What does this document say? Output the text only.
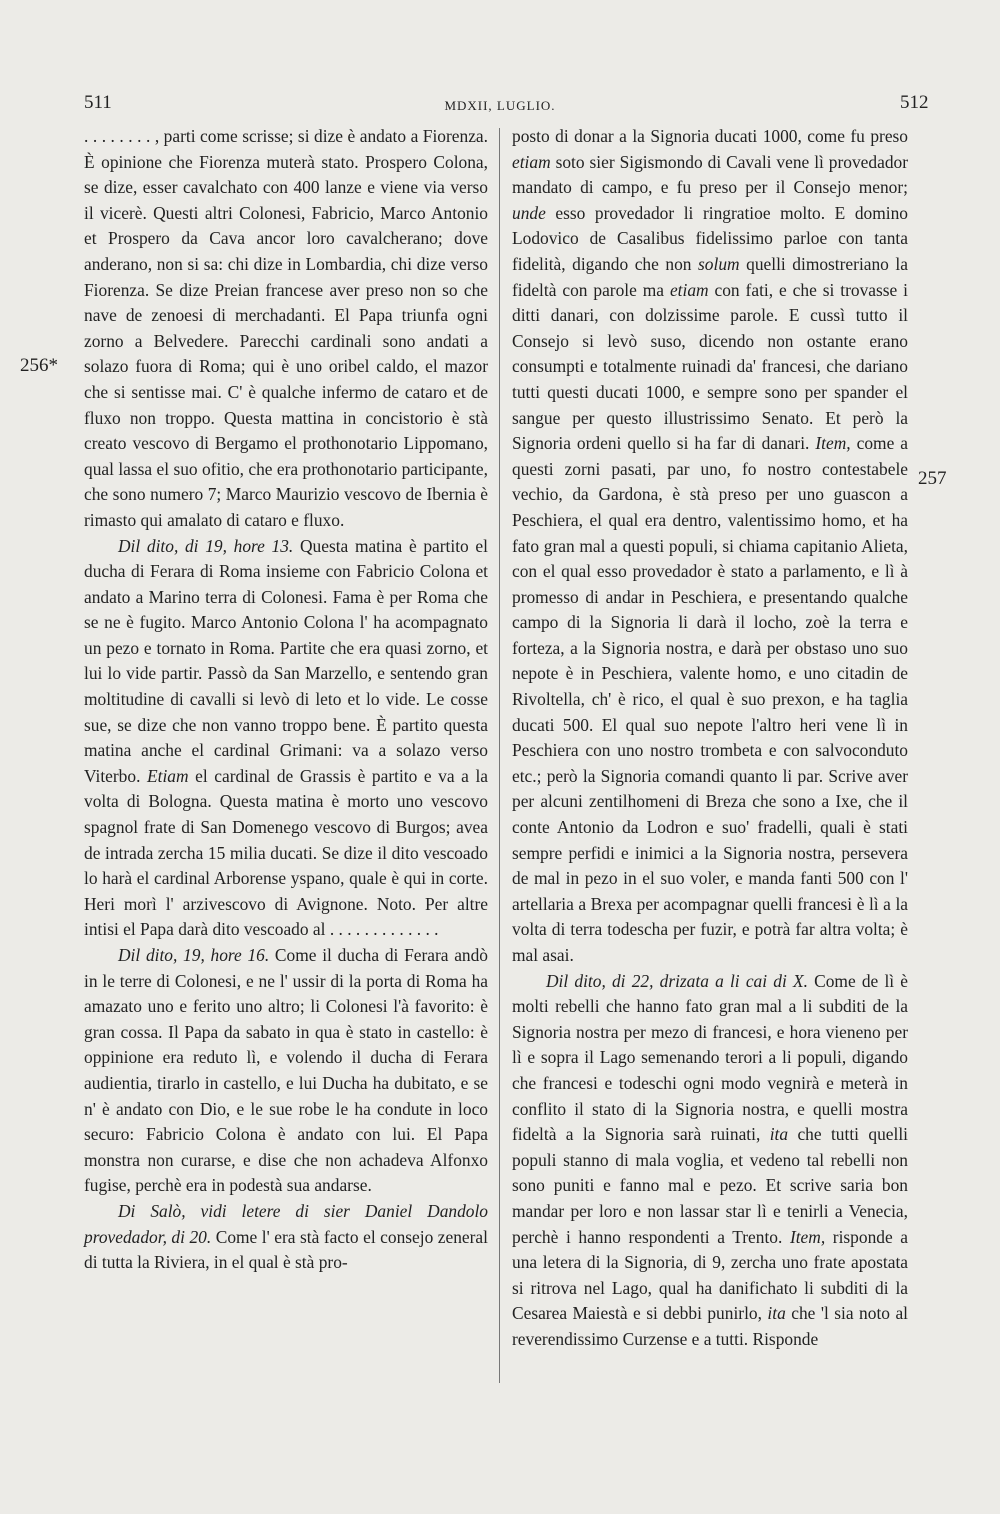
511	MDXII, LUGLIO.	512
256*
257

. . . . . . . . , parti come scrisse; si dize è andato a Fiorenza. È opinione che Fiorenza muterà stato. Prospero Colona, se dize, esser cavalchato con 400 lanze e viene via verso il vicerè. Questi altri Colonesi, Fabricio, Marco Antonio et Prospero da Cava ancor loro cavalcherano; dove anderano, non si sa: chi dize in Lombardia, chi dize verso Fiorenza. Se dize Preian francese aver preso non so che nave de zenoesi di merchadanti. El Papa triunfa ogni zorno a Belvedere. Parecchi cardinali sono andati a solazo fuora di Roma; qui è uno oribel caldo, el mazor che si sentisse mai. C' è qualche infermo de cataro et de fluxo non troppo. Questa mattina in concistorio è stà creato vescovo di Bergamo el prothonotario Lippomano, qual lassa el suo ofitio, che era prothonotario participante, che sono numero 7; Marco Maurizio vescovo de Ibernia è rimasto qui amalato di cataro e fluxo.

Dil dito, di 19, hore 13. Questa matina è partito el ducha di Ferara di Roma insieme con Fabricio Colona et andato a Marino terra di Colonesi. Fama è per Roma che se ne è fugito. Marco Antonio Colona l' ha acompagnato un pezo e tornato in Roma. Partite che era quasi zorno, et lui lo vide partir. Passò da San Marzello, e sentendo gran moltitudine di cavalli si levò di leto et lo vide. Le cosse sue, se dize che non vanno troppo bene. È partito questa matina anche el cardinal Grimani: va a solazo verso Viterbo. Etiam el cardinal de Grassis è partito e va a la volta di Bologna. Questa matina è morto uno vescovo spagnol frate di San Domenego vescovo di Burgos; avea de intrada zercha 15 milia ducati. Se dize il dito vescoado lo harà el cardinal Arborense yspano, quale è qui in corte. Heri morì l' arzivescovo di Avignone. Noto. Per altre intisi el Papa darà dito vescoado al . . . . . . . . . . . . .

Dil dito, 19, hore 16. Come il ducha di Ferara andò in le terre di Colonesi, e ne l' ussir di la porta di Roma ha amazato uno e ferito uno altro; li Colonesi l'à favorito: è gran cossa. Il Papa da sabato in qua è stato in castello: è oppinione era reduto lì, e volendo il ducha di Ferara audientia, tirarlo in castello, e lui Ducha ha dubitato, e se n' è andato con Dio, e le sue robe le ha condute in loco securo: Fabricio Colona è andato con lui. El Papa monstra non curarse, e dise che non achadeva Alfonxo fugise, perchè era in podestà sua andarse.

Di Salò, vidi letere di sier Daniel Dandolo provedador, di 20. Come l' era stà facto el consejo zeneral di tutta la Riviera, in el qual è stà pro-

posto di donar a la Signoria ducati 1000, come fu preso etiam soto sier Sigismondo di Cavali vene lì provedador mandato di campo, e fu preso per il Consejo menor; unde esso provedador li ringratioe molto. E domino Lodovico de Casalibus fidelissimo parloe con tanta fidelità, digando che non solum quelli dimostreriano la fideltà con parole ma etiam con fati, e che si trovasse i ditti danari, con dolzissime parole. E cussì tutto il Consejo si levò suso, dicendo non ostante erano consumpti e totalmente ruinadi da' francesi, che dariano tutti questi ducati 1000, e sempre sono per spander el sangue per questo illustrissimo Senato. Et però la Signoria ordeni quello si ha far di danari. Item, come a questi zorni pasati, par uno, fo nostro contestabele vechio, da Gardona, è stà preso per uno guascon a Peschiera, el qual era dentro, valentissimo homo, et ha fato gran mal a questi populi, si chiama capitanio Alieta, con el qual esso provedador è stato a parlamento, e lì à promesso di andar in Peschiera, e presentando qualche campo di la Signoria li darà il locho, zoè la terra e forteza, a la Signoria nostra, e darà per obstaso uno suo nepote è in Peschiera, valente homo, e uno citadin de Rivoltella, ch' è rico, el qual è suo prexon, e ha taglia ducati 500. El qual suo nepote l'altro heri vene lì in Peschiera con uno nostro trombeta e con salvoconduto etc.; però la Signoria comandi quanto li par. Scrive aver per alcuni zentilhomeni di Breza che sono a Ixe, che il conte Antonio da Lodron e suo' fradelli, quali è stati sempre perfidi e inimici a la Signoria nostra, persevera de mal in pezo in el suo voler, e manda fanti 500 con l' artellaria a Brexa per acompagnar quelli francesi è lì a la volta di terra todescha per fuzir, e potrà far altra volta; è mal asai.

Dil dito, di 22, drizata a li cai di X. Come de lì è molti rebelli che hanno fato gran mal a li subditi de la Signoria nostra per mezo di francesi, e hora vieneno per lì e sopra il Lago semenando terori a li populi, digando che francesi e todeschi ogni modo vegnirà e meterà in conflito il stato di la Signoria nostra, e quelli mostra fideltà a la Signoria sarà ruinati, ita che tutti quelli populi stanno di mala voglia, et vedeno tal rebelli non sono puniti e fanno mal e pezo. Et scrive saria bon mandar per loro e non lassar star lì e tenirli a Venecia, perchè i hanno respondenti a Trento. Item, risponde a una letera di la Signoria, di 9, zercha uno frate apostata si ritrova nel Lago, qual ha danifichato li subditi di la Cesarea Maiestà e si debbi punirlo, ita che 'l sia noto al reverendissimo Curzense e a tutti. Risponde
